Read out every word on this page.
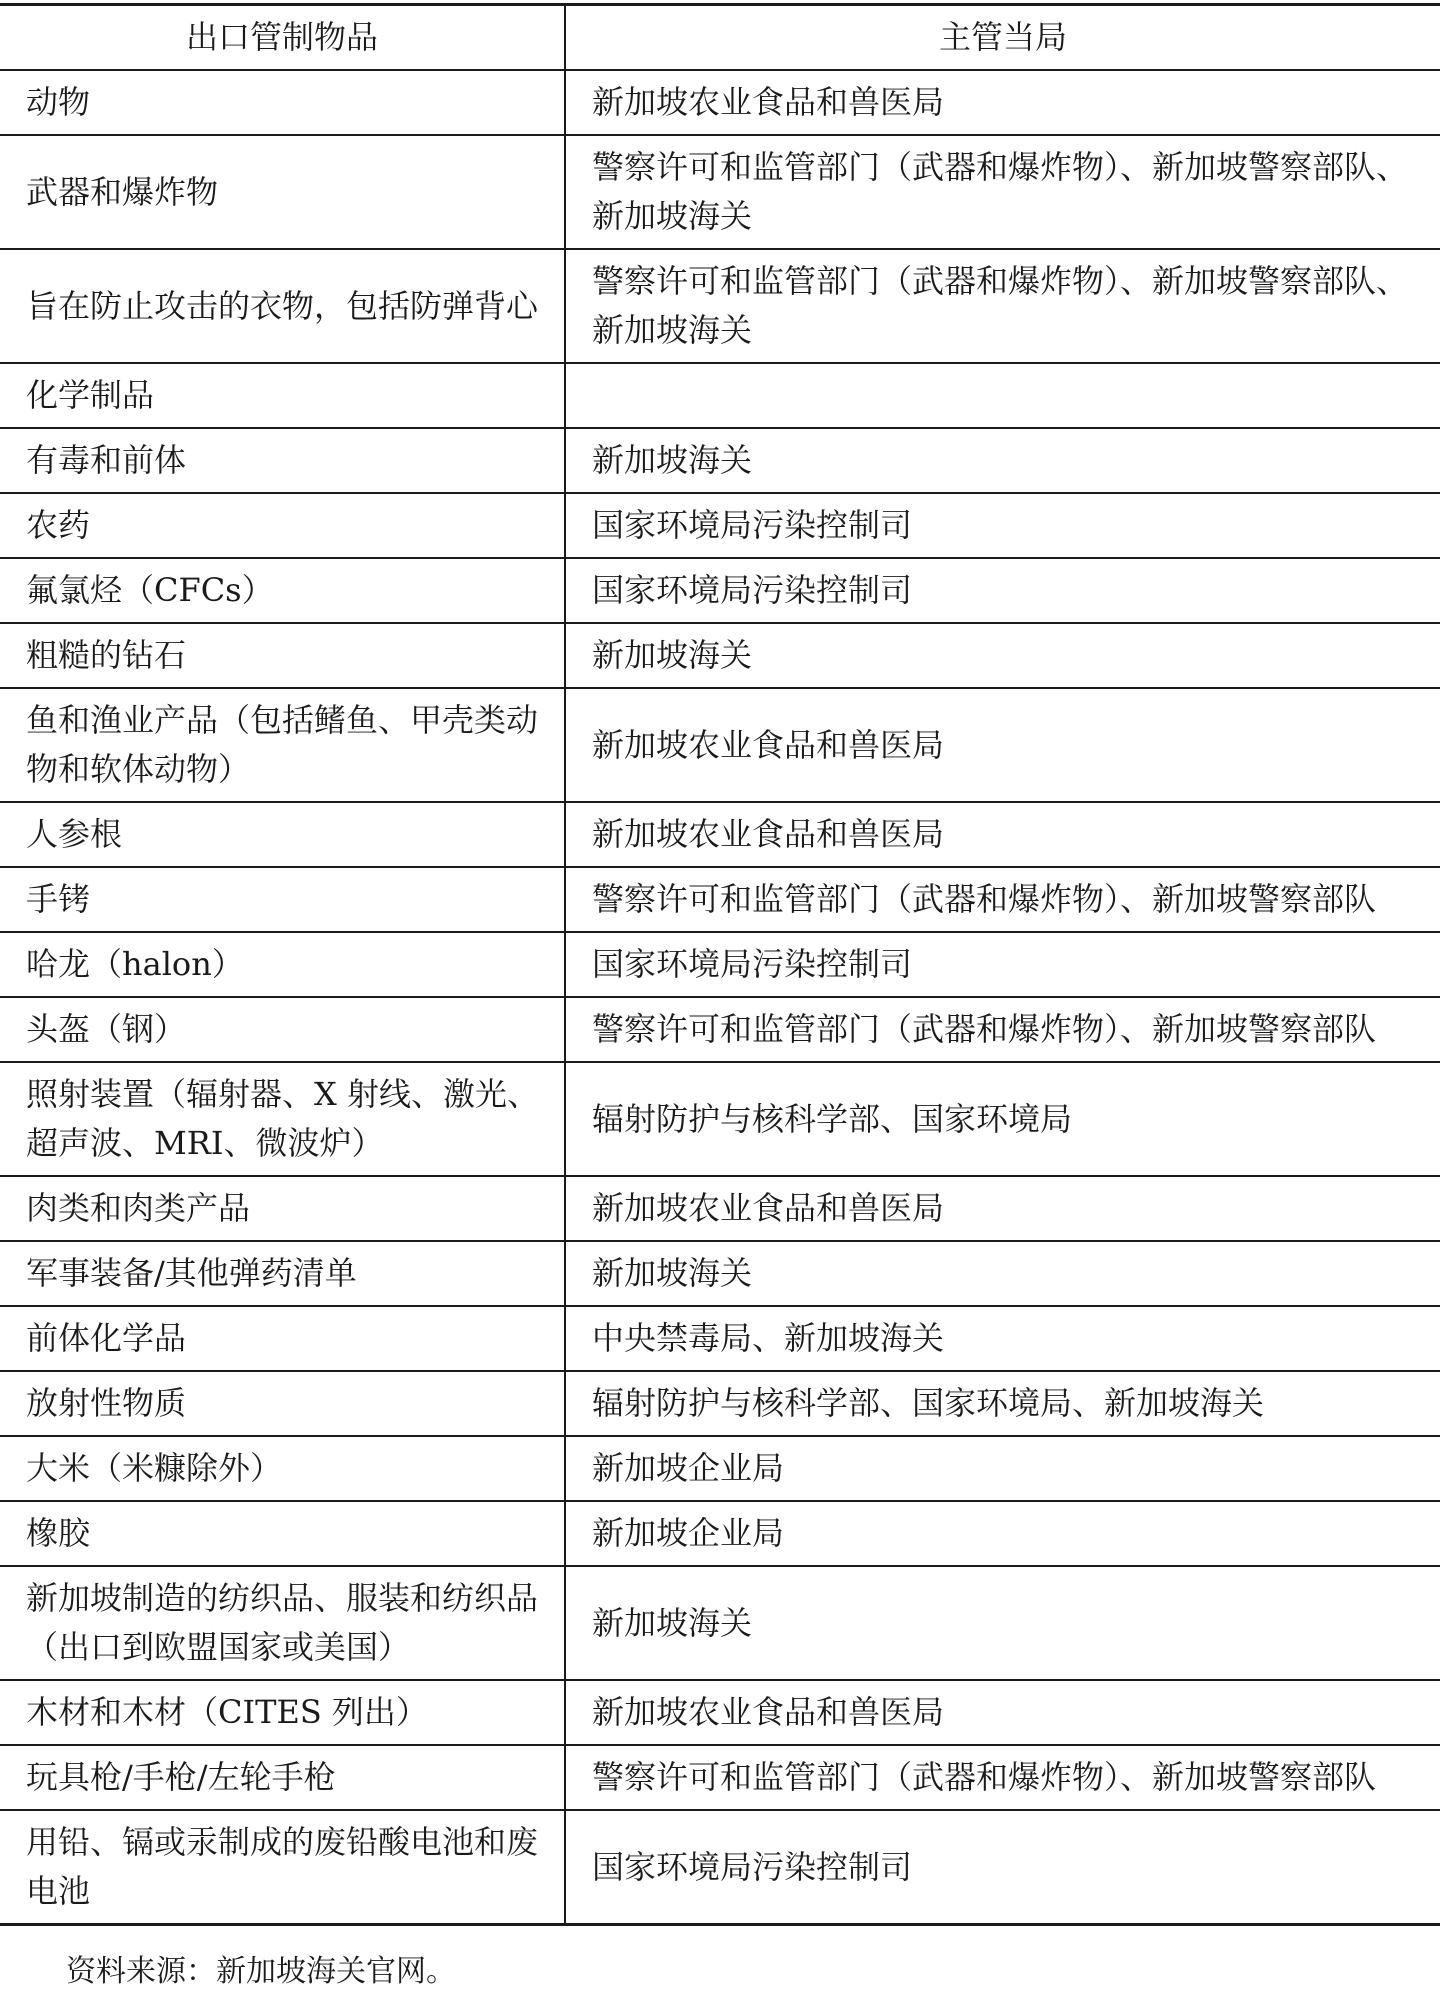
出口管制物品	主管当局
动物	新加坡农业食品和兽医局
武器和爆炸物	警察许可和监管部门（武器和爆炸物）、新加坡警察部队、新加坡海关
旨在防止攻击的衣物，包括防弹背心	警察许可和监管部门（武器和爆炸物）、新加坡警察部队、新加坡海关
化学制品	
有毒和前体	新加坡海关
农药	国家环境局污染控制司
氟氯烃（CFCs）	国家环境局污染控制司
粗糙的钻石	新加坡海关
鱼和渔业产品（包括鳍鱼、甲壳类动物和软体动物）	新加坡农业食品和兽医局
人参根	新加坡农业食品和兽医局
手铐	警察许可和监管部门（武器和爆炸物）、新加坡警察部队
哈龙（halon）	国家环境局污染控制司
头盔（钢）	警察许可和监管部门（武器和爆炸物）、新加坡警察部队
照射装置（辐射器、X 射线、激光、超声波、MRI、微波炉）	辐射防护与核科学部、国家环境局
肉类和肉类产品	新加坡农业食品和兽医局
军事装备/其他弹药清单	新加坡海关
前体化学品	中央禁毒局、新加坡海关
放射性物质	辐射防护与核科学部、国家环境局、新加坡海关
大米（米糠除外）	新加坡企业局
橡胶	新加坡企业局
新加坡制造的纺织品、服装和纺织品（出口到欧盟国家或美国）	新加坡海关
木材和木材（CITES 列出）	新加坡农业食品和兽医局
玩具枪/手枪/左轮手枪	警察许可和监管部门（武器和爆炸物）、新加坡警察部队
用铅、镉或汞制成的废铅酸电池和废电池	国家环境局污染控制司
资料来源：新加坡海关官网。
